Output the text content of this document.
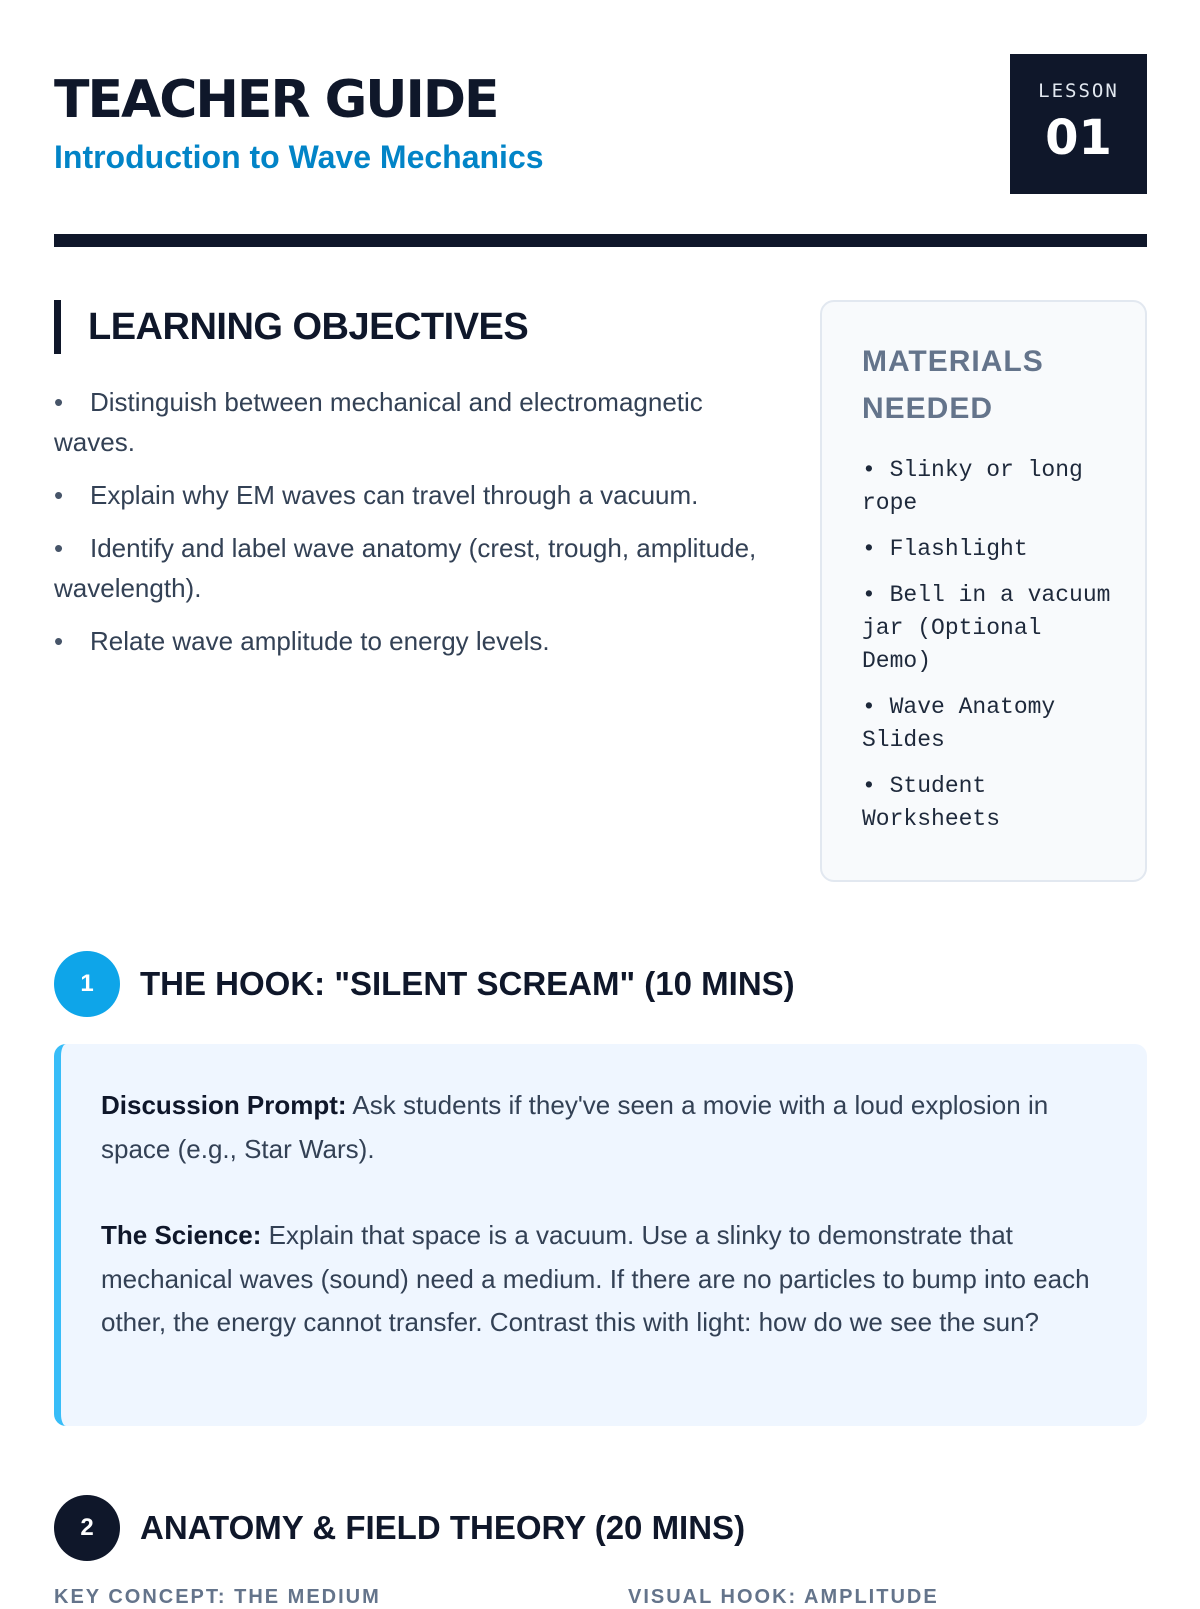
TEACHER GUIDE
Introduction to Wave Mechanics
LESSON
01
LEARNING OBJECTIVES
• Distinguish between mechanical and electromagnetic waves.
• Explain why EM waves can travel through a vacuum.
• Identify and label wave anatomy (crest, trough, amplitude, wavelength).
• Relate wave amplitude to energy levels.
MATERIALS NEEDED
• Slinky or long rope
• Flashlight
• Bell in a vacuum jar (Optional Demo)
• Wave Anatomy Slides
• Student Worksheets
1	THE HOOK: "SILENT SCREAM" (10 MINS)

Discussion Prompt: Ask students if they've seen a movie with a loud explosion in space (e.g., Star Wars).

The Science: Explain that space is a vacuum. Use a slinky to demonstrate that mechanical waves (sound) need a medium. If there are no particles to bump into each other, the energy cannot transfer. Contrast this with light: how do we see the sun?

2	ANATOMY & FIELD THEORY (20 MINS)
KEY CONCEPT: THE MEDIUM	VISUAL HOOK: AMPLITUDE
